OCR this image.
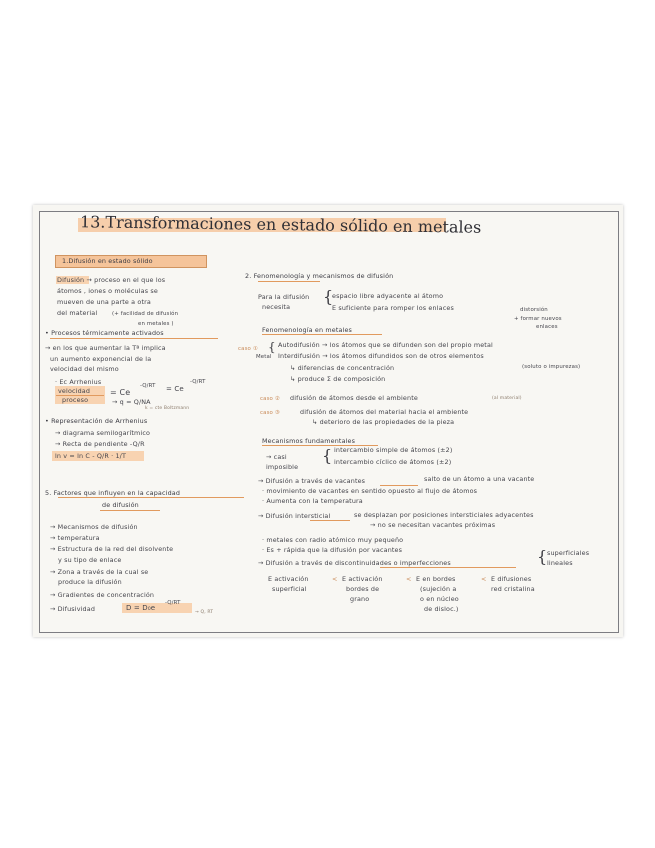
13.Transformaciones en estado sólido en metales
1.Difusión en estado sólido
Difusión → proceso en el que los
átomos , iones o moléculas se
mueven de una parte a otra
del material	(+ facilidad de difusión
en metales )
• Procesos térmicamente activados
→ en los que aumentar la Tª implica
un aumento exponencial de la
velocidad del mismo
· Ec Arrhenius
velocidad
proceso
= Ce
-Q/RT = Ce
-Q/RT
→ q = Q/NA
k = cte Boltzmann
• Representación de Arrhenius
→ diagrama semilogarítmico
→ Recta de pendiente -Q/R
ln v = ln C - Q/R · 1/T
5. Factores que influyen en la capacidad
de difusión
→ Mecanismos de difusión
→ temperatura
→ Estructura de la red del disolvente
y su tipo de enlace
→ Zona a través de la cual se
produce la difusión
→ Gradientes de concentración
→ Difusividad	D = D₀e
-Q/RT
→ Q, RT
2. Fenomenología y mecanismos de difusión
Para la difusión
necesita
{
espacio libre adyacente al átomo
E suficiente para romper los enlaces	distorsión
+ formar nuevos
enlaces
Fenomenología en metales
caso ①
Metal
{ Autodifusión → los átomos que se difunden son del propio metal
Interdifusión → los átomos difundidos son de otros elementos
(soluto o impurezas)
↳ diferencias de concentración
↳ produce Σ de composición
caso ② difusión de átomos desde el ambiente	(al material)
caso ③	difusión de átomos del material hacia el ambiente
↳ deterioro de las propiedades de la pieza
Mecanismos fundamentales
→ casi
imposible
{ intercambio simple de átomos (±2)
intercambio cíclico de átomos (±2)
→ Difusión a través de vacantes	salto de un átomo a una vacante
· movimiento de vacantes en sentido opuesto al flujo de átomos
· Aumenta con la temperatura
→ Difusión intersticial	se desplazan por posiciones intersticiales adyacentes
→ no se necesitan vacantes próximas
· metales con radio atómico muy pequeño
· Es + rápida que la difusión por vacantes
→ Difusión a través de discontinuidades o imperfecciones	{ superficiales
lineales
E activación
superficial
< E activación
bordes de
grano
< E en bordes
(sujeción a
o en núcleo
de disloc.)
< E difusiones
red cristalina
